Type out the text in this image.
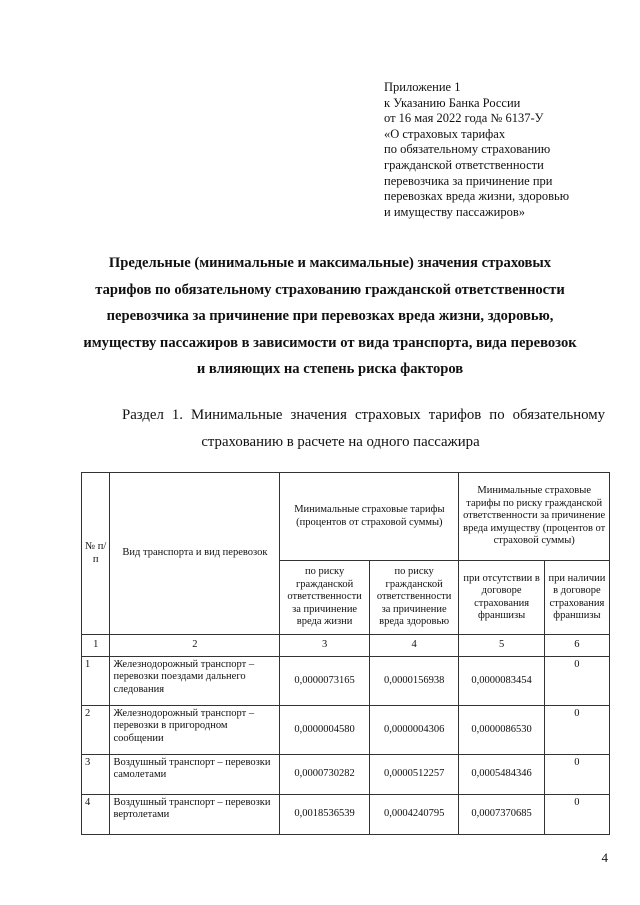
Приложение 1
к Указанию Банка России
от 16 мая 2022 года № 6137-У
«О страховых тарифах
по обязательному страхованию
гражданской ответственности
перевозчика за причинение при
перевозках вреда жизни, здоровью
и имуществу пассажиров»
Предельные (минимальные и максимальные) значения страховых
тарифов по обязательному страхованию гражданской ответственности
перевозчика за причинение при перевозках вреда жизни, здоровью,
имуществу пассажиров в зависимости от вида транспорта, вида перевозок
и влияющих на степень риска факторов
Раздел 1. Минимальные значения страховых тарифов по обязательному
страхованию в расчете на одного пассажира
№ п/п	Вид транспорта и вид перевозок	Минимальные страховые тарифы (процентов от страховой суммы)		Минимальные страховые тарифы по риску гражданской ответственности за причинение вреда имуществу (процентов от страховой суммы)	
		по риску гражданской ответственности за причинение вреда жизни	по риску гражданской ответственности за причинение вреда здоровью	при отсутствии в договоре страхования франшизы	при наличии в договоре страхования франшизы
1	2	3	4	5	6
1	Железнодорожный транспорт – перевозки поездами дальнего следования	0,0000073165	0,0000156938	0,0000083454	0
2	Железнодорожный транспорт – перевозки в пригородном сообщении	0,0000004580	0,0000004306	0,0000086530	0
3	Воздушный транспорт – перевозки самолетами	0,0000730282	0,0000512257	0,0005484346	0
4	Воздушный транспорт – перевозки вертолетами	0,0018536539	0,0004240795	0,0007370685	0
4
